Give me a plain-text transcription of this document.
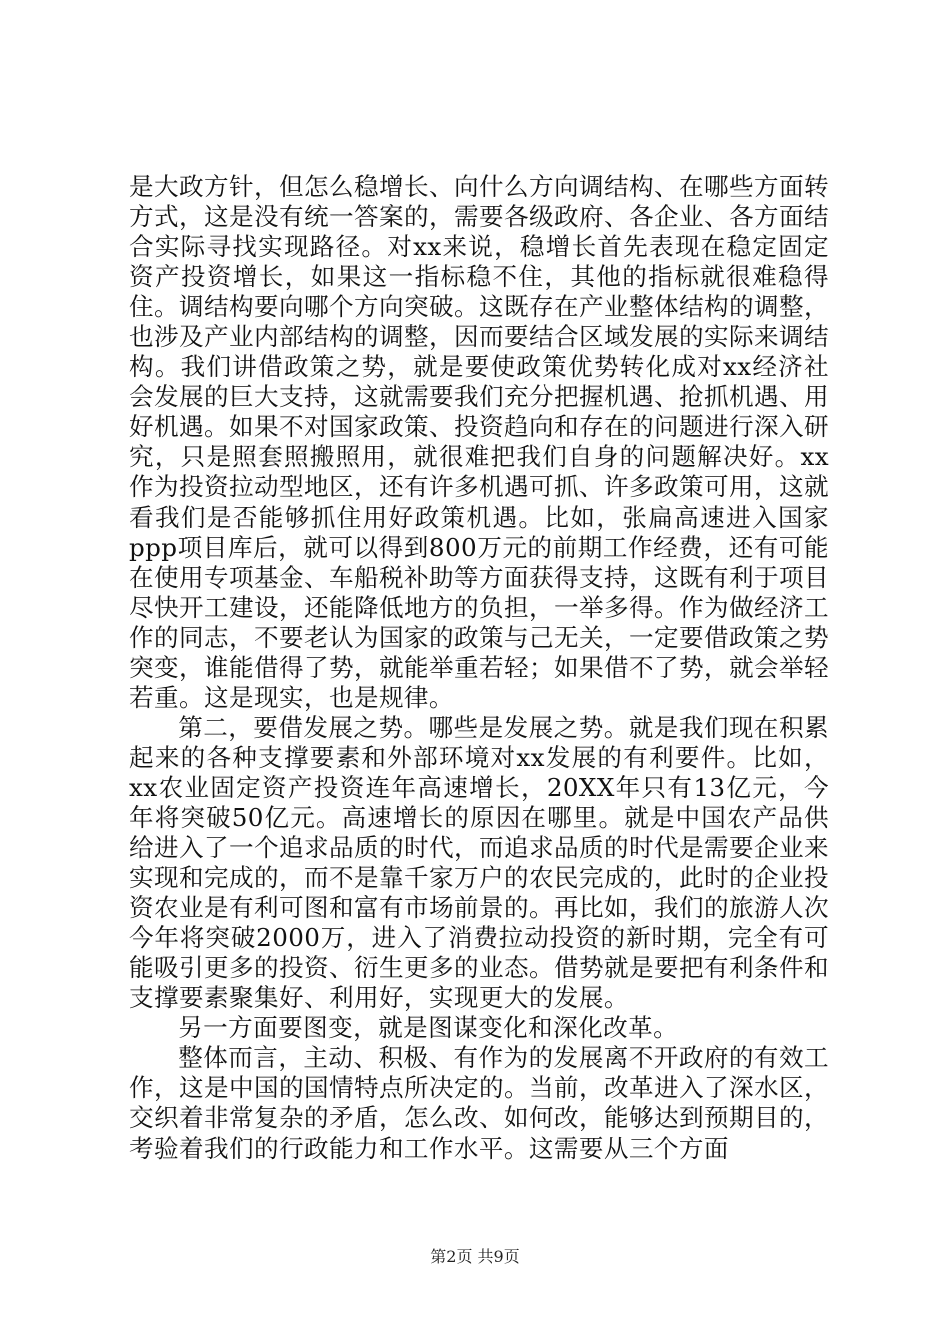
是大政方针，但怎么稳增长、向什么方向调结构、在哪些方面转方式，这是没有统一答案的，需要各级政府、各企业、各方面结合实际寻找实现路径。对xx来说，稳增长首先表现在稳定固定资产投资增长，如果这一指标稳不住，其他的指标就很难稳得住。调结构要向哪个方向突破。这既存在产业整体结构的调整，也涉及产业内部结构的调整，因而要结合区域发展的实际来调结构。我们讲借政策之势，就是要使政策优势转化成对xx经济社会发展的巨大支持，这就需要我们充分把握机遇、抢抓机遇、用好机遇。如果不对国家政策、投资趋向和存在的问题进行深入研究，只是照套照搬照用，就很难把我们自身的问题解决好。xx作为投资拉动型地区，还有许多机遇可抓、许多政策可用，这就看我们是否能够抓住用好政策机遇。比如，张扁高速进入国家ppp项目库后，就可以得到800万元的前期工作经费，还有可能在使用专项基金、车船税补助等方面获得支持，这既有利于项目尽快开工建设，还能降低地方的负担，一举多得。作为做经济工作的同志，不要老认为国家的政策与己无关，一定要借政策之势突变，谁能借得了势，就能举重若轻；如果借不了势，就会举轻若重。这是现实，也是规律。

第二，要借发展之势。哪些是发展之势。就是我们现在积累起来的各种支撑要素和外部环境对xx发展的有利要件。比如，xx农业固定资产投资连年高速增长，20XX年只有13亿元，今年将突破50亿元。高速增长的原因在哪里。就是中国农产品供给进入了一个追求品质的时代，而追求品质的时代是需要企业来实现和完成的，而不是靠千家万户的农民完成的，此时的企业投资农业是有利可图和富有市场前景的。再比如，我们的旅游人次今年将突破2000万，进入了消费拉动投资的新时期，完全有可能吸引更多的投资、衍生更多的业态。借势就是要把有利条件和支撑要素聚集好、利用好，实现更大的发展。

另一方面要图变，就是图谋变化和深化改革。

整体而言，主动、积极、有作为的发展离不开政府的有效工作，这是中国的国情特点所决定的。当前，改革进入了深水区，交织着非常复杂的矛盾，怎么改、如何改，能够达到预期目的，考验着我们的行政能力和工作水平。这需要从三个方面

第2页 共9页
